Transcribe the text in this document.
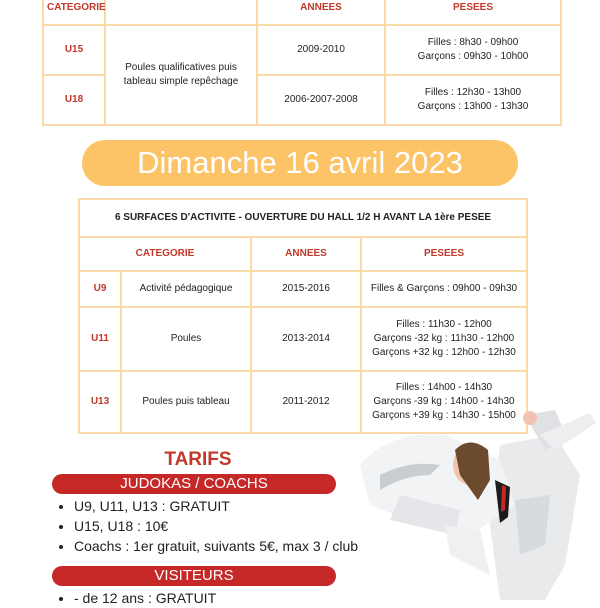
CATEGORIE		ANNEES	PESEES
U15	Poules qualificatives puis tableau simple repêchage	2009-2010	Filles : 8h30 - 09h00
Garçons : 09h30 - 10h00

U18		2006-2007-2008	Filles : 12h30 - 13h00
Garçons : 13h00 - 13h30
Dimanche 16 avril 2023
6 SURFACES D'ACTIVITE - OUVERTURE DU HALL 1/2 H AVANT LA 1ère PESEE			
CATEGORIE		ANNEES	PESEES
U9	Activité pédagogique	2015-2016	Filles & Garçons : 09h00 - 09h30

U11	Poules	2013-2014	Filles : 11h30 - 12h00
Garçons -32 kg : 11h30 - 12h00
Garçons +32 kg : 12h00 - 12h30

U13	Poules puis tableau	2011-2012	Filles : 14h00 - 14h30
Garçons -39 kg : 14h00 - 14h30
Garçons +39 kg : 14h30 - 15h00
TARIFS
JUDOKAS / COACHS
• U9, U11, U13 : GRATUIT
• U15, U18 : 10€
• Coachs : 1er gratuit, suivants 5€, max 3 / club
VISITEURS
• - de 12 ans : GRATUIT
